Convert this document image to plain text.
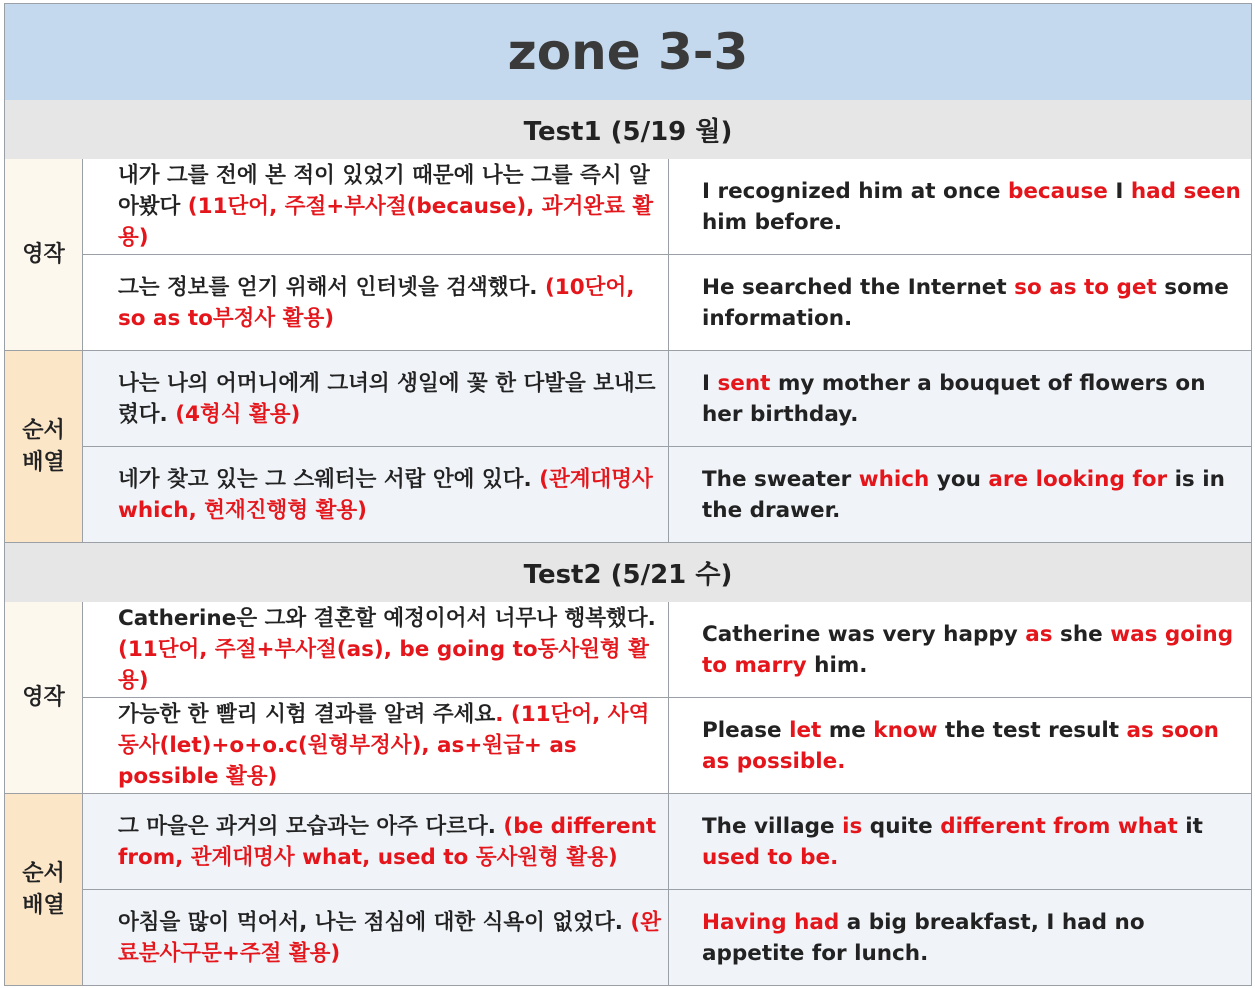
zone 3-3
Test1 (5/19 월)
영작
내가 그를 전에 본 적이 있었기 때문에 나는 그를 즉시 알아봤다 (11단어, 주절+부사절(because), 과거완료 활용)
I recognized him at once because I had seen him before.
그는 정보를 얻기 위해서 인터넷을 검색했다. (10단어, so as to부정사 활용)
He searched the Internet so as to get some information.
순서
배열
나는 나의 어머니에게 그녀의 생일에 꽃 한 다발을 보내드렸다. (4형식 활용)
I sent my mother a bouquet of flowers on her birthday.
네가 찾고 있는 그 스웨터는 서랍 안에 있다. (관계대명사 which, 현재진행형 활용)
The sweater which you are looking for is in the drawer.
Test2 (5/21 수)
영작
Catherine은 그와 결혼할 예정이어서 너무나 행복했다. (11단어, 주절+부사절(as), be going to동사원형 활용)
Catherine was very happy as she was going to marry him.
가능한 한 빨리 시험 결과를 알려 주세요. (11단어, 사역동사(let)+o+o.c(원형부정사), as+원급+ as possible 활용)
Please let me know the test result as soon as possible.
순서
배열
그 마을은 과거의 모습과는 아주 다르다. (be different from, 관계대명사 what, used to 동사원형 활용)
The village is quite different from what it used to be.
아침을 많이 먹어서, 나는 점심에 대한 식욕이 없었다. (완료분사구문+주절 활용)
Having had a big breakfast, I had no appetite for lunch.
